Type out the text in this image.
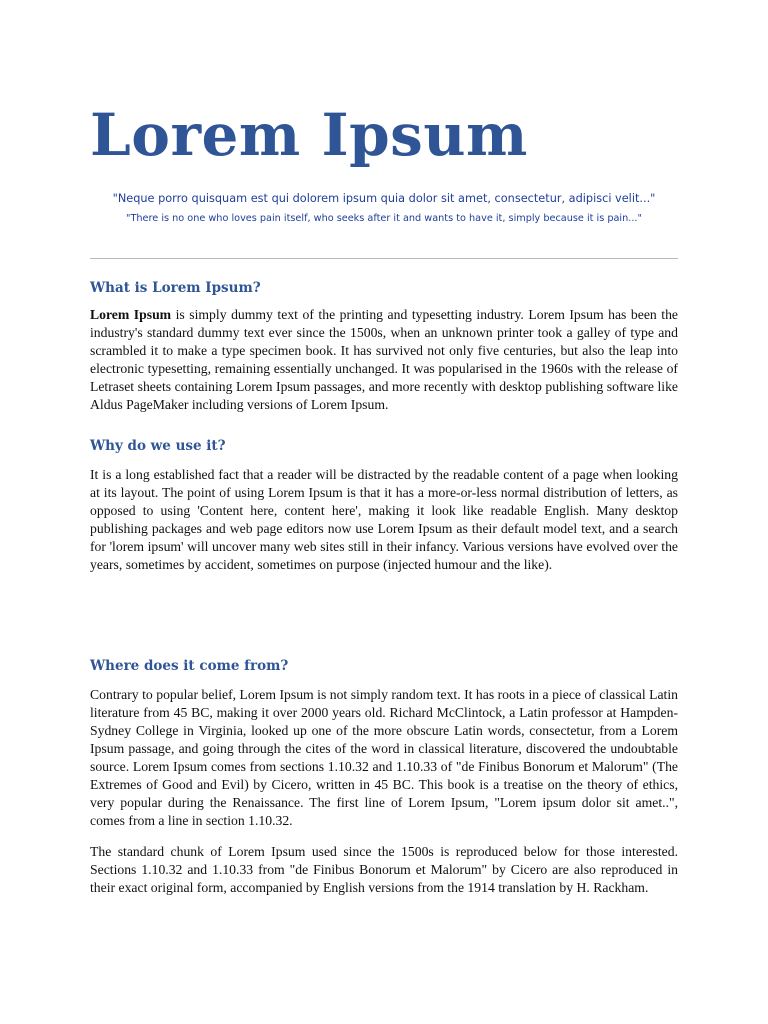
Lorem Ipsum

"Neque porro quisquam est qui dolorem ipsum quia dolor sit amet, consectetur, adipisci velit..."

"There is no one who loves pain itself, who seeks after it and wants to have it, simply because it is pain..."

What is Lorem Ipsum?

Lorem Ipsum is simply dummy text of the printing and typesetting industry. Lorem Ipsum has been the industry's standard dummy text ever since the 1500s, when an unknown printer took a galley of type and scrambled it to make a type specimen book. It has survived not only five centuries, but also the leap into electronic typesetting, remaining essentially unchanged. It was popularised in the 1960s with the release of Letraset sheets containing Lorem Ipsum passages, and more recently with desktop publishing software like Aldus PageMaker including versions of Lorem Ipsum.

Why do we use it?

It is a long established fact that a reader will be distracted by the readable content of a page when looking at its layout. The point of using Lorem Ipsum is that it has a more-or-less normal distribution of letters, as opposed to using 'Content here, content here', making it look like readable English. Many desktop publishing packages and web page editors now use Lorem Ipsum as their default model text, and a search for 'lorem ipsum' will uncover many web sites still in their infancy. Various versions have evolved over the years, sometimes by accident, sometimes on purpose (injected humour and the like).

Where does it come from?

Contrary to popular belief, Lorem Ipsum is not simply random text. It has roots in a piece of classical Latin literature from 45 BC, making it over 2000 years old. Richard McClintock, a Latin professor at Hampden-Sydney College in Virginia, looked up one of the more obscure Latin words, consectetur, from a Lorem Ipsum passage, and going through the cites of the word in classical literature, discovered the undoubtable source. Lorem Ipsum comes from sections 1.10.32 and 1.10.33 of "de Finibus Bonorum et Malorum" (The Extremes of Good and Evil) by Cicero, written in 45 BC. This book is a treatise on the theory of ethics, very popular during the Renaissance. The first line of Lorem Ipsum, "Lorem ipsum dolor sit amet..", comes from a line in section 1.10.32.

The standard chunk of Lorem Ipsum used since the 1500s is reproduced below for those interested. Sections 1.10.32 and 1.10.33 from "de Finibus Bonorum et Malorum" by Cicero are also reproduced in their exact original form, accompanied by English versions from the 1914 translation by H. Rackham.
